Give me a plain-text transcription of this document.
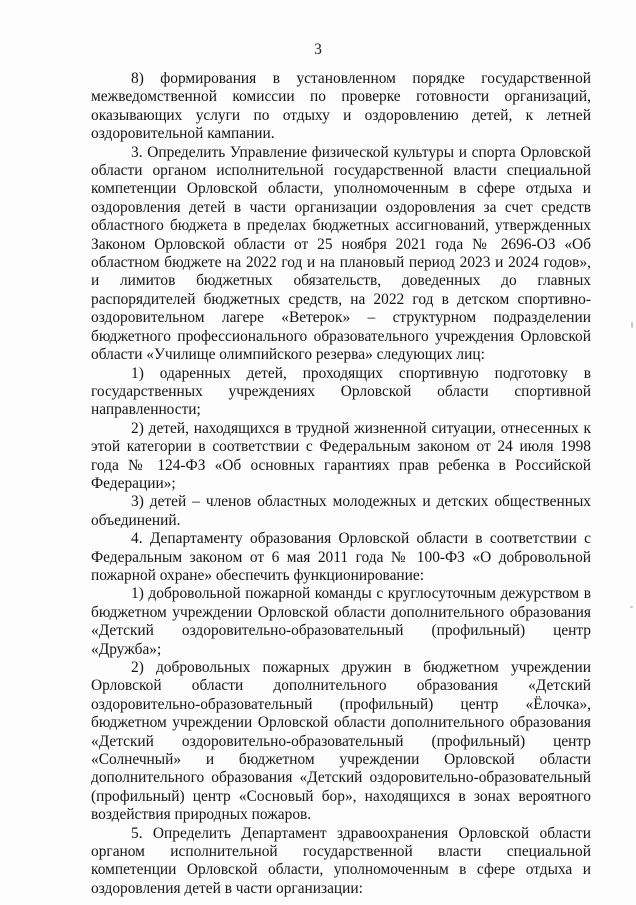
3

8) формирования в установленном порядке государственной межведомственной комиссии по проверке готовности организаций, оказывающих услуги по отдыху и оздоровлению детей, к летней оздоровительной кампании.

3. Определить Управление физической культуры и спорта Орловской области органом исполнительной государственной власти специальной компетенции Орловской области, уполномоченным в сфере отдыха и оздоровления детей в части организации оздоровления за счет средств областного бюджета в пределах бюджетных ассигнований, утвержденных Законом Орловской области от 25 ноября 2021 года № 2696-ОЗ «Об областном бюджете на 2022 год и на плановый период 2023 и 2024 годов», и лимитов бюджетных обязательств, доведенных до главных распорядителей бюджетных средств, на 2022 год в детском спортивно-оздоровительном лагере «Ветерок» – структурном подразделении бюджетного профессионального образовательного учреждения Орловской области «Училище олимпийского резерва» следующих лиц:

1) одаренных детей, проходящих спортивную подготовку в государственных учреждениях Орловской области спортивной направленности;

2) детей, находящихся в трудной жизненной ситуации, отнесенных к этой категории в соответствии с Федеральным законом от 24 июля 1998 года № 124-ФЗ «Об основных гарантиях прав ребенка в Российской Федерации»;

3) детей – членов областных молодежных и детских общественных объединений.

4. Департаменту образования Орловской области в соответствии с Федеральным законом от 6 мая 2011 года № 100-ФЗ «О добровольной пожарной охране» обеспечить функционирование:

1) добровольной пожарной команды с круглосуточным дежурством в бюджетном учреждении Орловской области дополнительного образования «Детский оздоровительно-образовательный (профильный) центр «Дружба»;

2) добровольных пожарных дружин в бюджетном учреждении Орловской области дополнительного образования «Детский оздоровительно-образовательный (профильный) центр «Ёлочка», бюджетном учреждении Орловской области дополнительного образования «Детский оздоровительно-образовательный (профильный) центр «Солнечный» и бюджетном учреждении Орловской области дополнительного образования «Детский оздоровительно-образовательный (профильный) центр «Сосновый бор», находящихся в зонах вероятного воздействия природных пожаров.

5. Определить Департамент здравоохранения Орловской области органом исполнительной государственной власти специальной компетенции Орловской области, уполномоченным в сфере отдыха и оздоровления детей в части организации:
